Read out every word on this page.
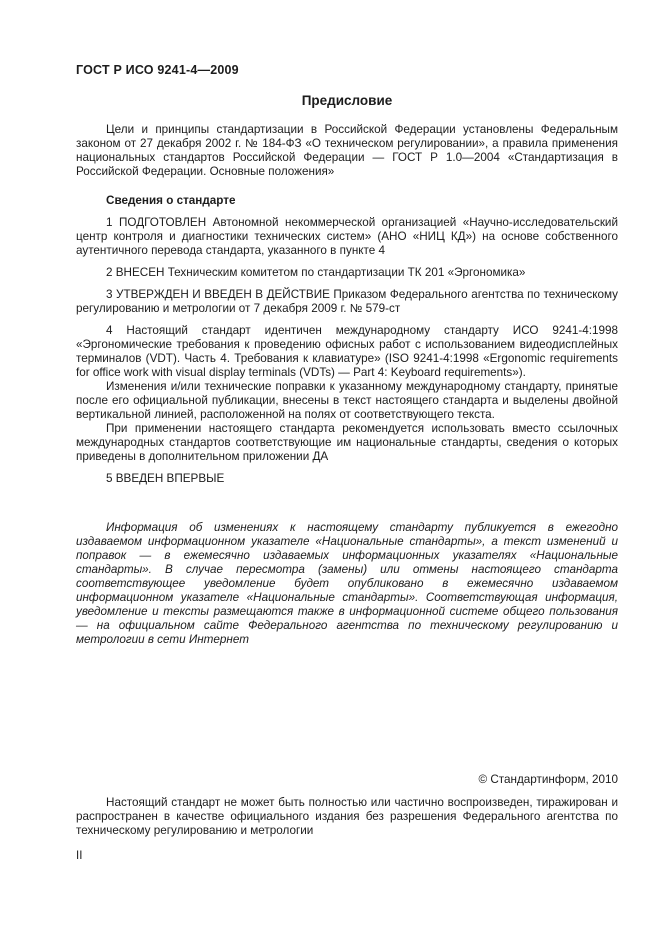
ГОСТ Р ИСО 9241-4—2009
Предисловие

Цели и принципы стандартизации в Российской Федерации установлены Федеральным законом от 27 декабря 2002 г. № 184-ФЗ «О техническом регулировании», а правила применения национальных стандартов Российской Федерации — ГОСТ Р 1.0—2004 «Стандартизация в Российской Федерации. Основные положения»

Сведения о стандарте

1 ПОДГОТОВЛЕН Автономной некоммерческой организацией «Научно-исследовательский центр контроля и диагностики технических систем» (АНО «НИЦ КД») на основе собственного аутентичного перевода стандарта, указанного в пункте 4

2 ВНЕСЕН Техническим комитетом по стандартизации ТК 201 «Эргономика»

3 УТВЕРЖДЕН И ВВЕДЕН В ДЕЙСТВИЕ Приказом Федерального агентства по техническому регулированию и метрологии от 7 декабря 2009 г. № 579-ст

4 Настоящий стандарт идентичен международному стандарту ИСО 9241-4:1998 «Эргономические требования к проведению офисных работ с использованием видеодисплейных терминалов (VDT). Часть 4. Требования к клавиатуре» (ISO 9241-4:1998 «Ergonomic requirements for office work with visual display terminals (VDTs) — Part 4: Keyboard requirements»).

Изменения и/или технические поправки к указанному международному стандарту, принятые после его официальной публикации, внесены в текст настоящего стандарта и выделены двойной вертикальной линией, расположенной на полях от соответствующего текста.

При применении настоящего стандарта рекомендуется использовать вместо ссылочных международных стандартов соответствующие им национальные стандарты, сведения о которых приведены в дополнительном приложении ДА

5 ВВЕДЕН ВПЕРВЫЕ

Информация об изменениях к настоящему стандарту публикуется в ежегодно издаваемом информационном указателе «Национальные стандарты», а текст изменений и поправок — в ежемесячно издаваемых информационных указателях «Национальные стандарты». В случае пересмотра (замены) или отмены настоящего стандарта соответствующее уведомление будет опубликовано в ежемесячно издаваемом информационном указателе «Национальные стандарты». Соответствующая информация, уведомление и тексты размещаются также в информационной системе общего пользования — на официальном сайте Федерального агентства по техническому регулированию и метрологии в сети Интернет

© Стандартинформ, 2010

Настоящий стандарт не может быть полностью или частично воспроизведен, тиражирован и распространен в качестве официального издания без разрешения Федерального агентства по техническому регулированию и метрологии

II
